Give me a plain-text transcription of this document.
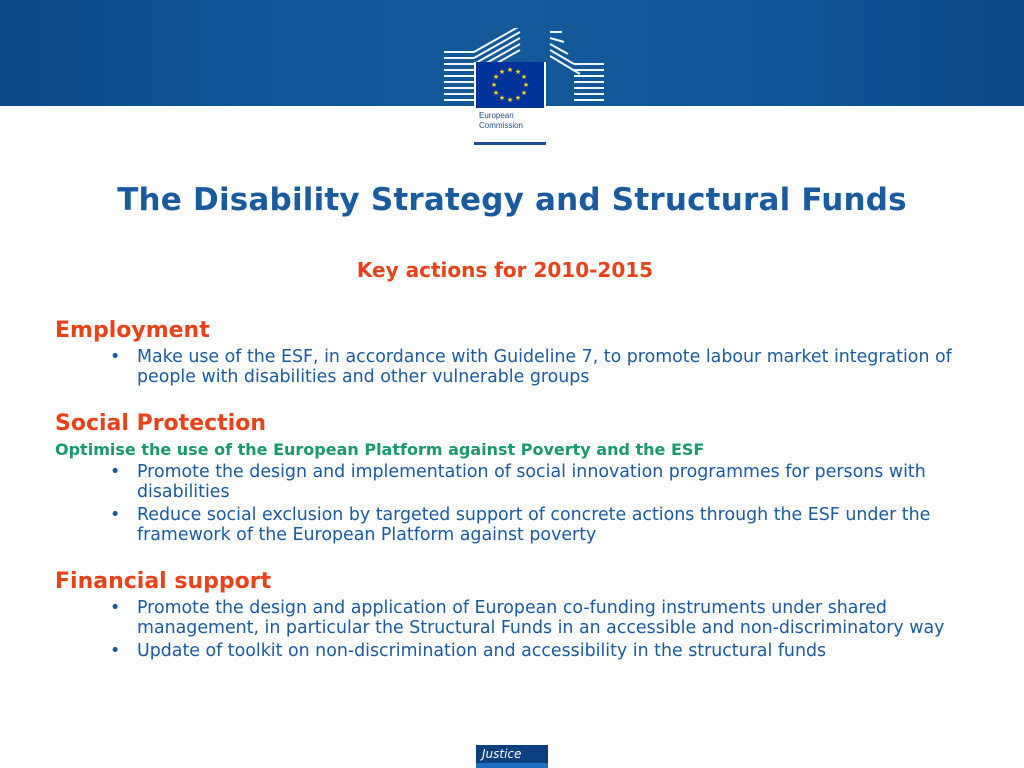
★ ★
★
★
★
★
★
★
★
★
★
★
European
Commission
The Disability Strategy and Structural Funds
Key actions for 2010-2015
Employment
• Make use of the ESF, in accordance with Guideline 7, to promote labour market integration of people with disabilities and other vulnerable groups
Social Protection
Optimise the use of the European Platform against Poverty and the ESF
• Promote the design and implementation of social innovation programmes for persons with disabilities
• Reduce social exclusion by targeted support of concrete actions through the ESF under the framework of the European Platform against poverty
Financial support
• Promote the design and application of European co-funding instruments under shared management, in particular the Structural Funds in an accessible and non-discriminatory way
• Update of toolkit on non-discrimination and accessibility in the structural funds
Justice
